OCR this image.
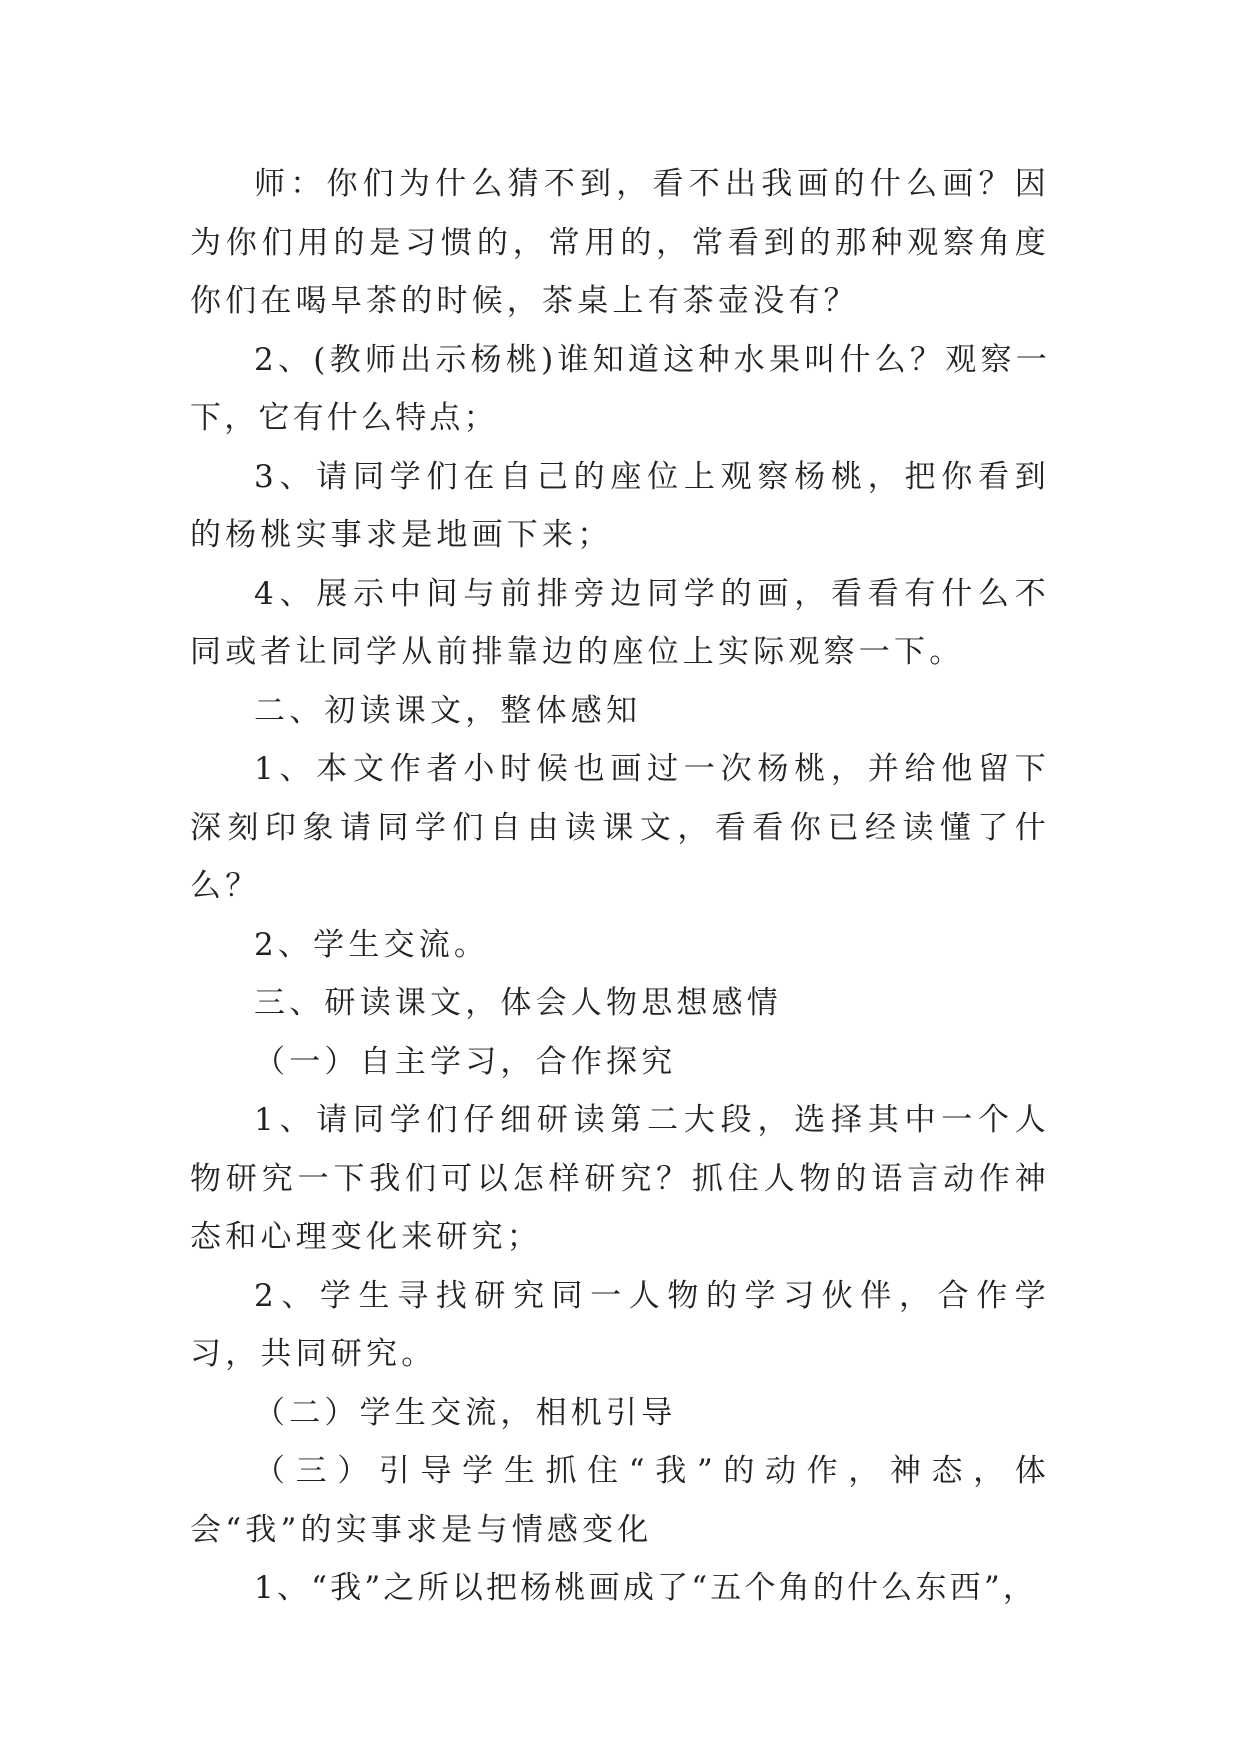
师：你们为什么猜不到，看不出我画的什么画？因为你们用的是习惯的，常用的，常看到的那种观察角度你们在喝早茶的时候，茶桌上有茶壶没有？

2、(教师出示杨桃)谁知道这种水果叫什么？观察一下，它有什么特点；

3、请同学们在自己的座位上观察杨桃，把你看到的杨桃实事求是地画下来；

4、展示中间与前排旁边同学的画，看看有什么不同或者让同学从前排靠边的座位上实际观察一下。

二、初读课文，整体感知

1、本文作者小时候也画过一次杨桃，并给他留下深刻印象请同学们自由读课文，看看你已经读懂了什么？

2、学生交流。

三、研读课文，体会人物思想感情

（一）自主学习，合作探究

1、请同学们仔细研读第二大段，选择其中一个人物研究一下我们可以怎样研究？抓住人物的语言动作神态和心理变化来研究；

2、学生寻找研究同一人物的学习伙伴，合作学习，共同研究。

（二）学生交流，相机引导

（三）引导学生抓住“我”的动作，神态，体会“我”的实事求是与情感变化

1、“我”之所以把杨桃画成了“五个角的什么东西”，
